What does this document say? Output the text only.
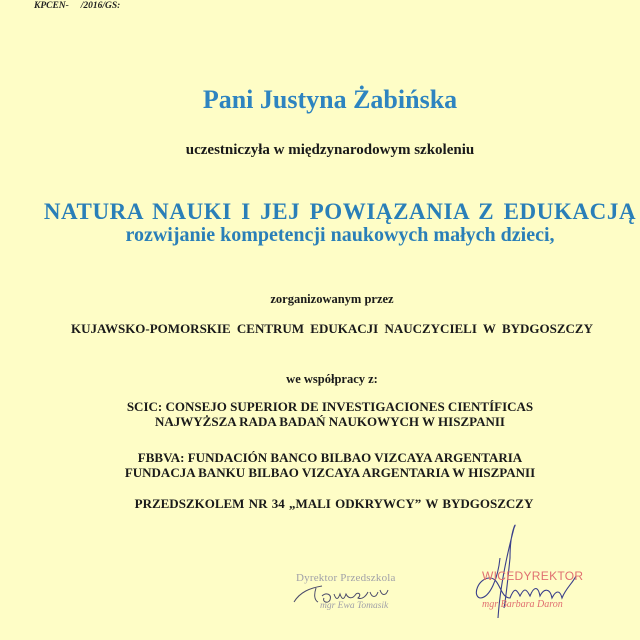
KPCEN-     /2016/GS:
Pani Justyna Żabińska
uczestniczyła w międzynarodowym szkoleniu
NATURA NAUKI I JEJ POWIĄZANIA Z EDUKACJĄ
rozwijanie kompetencji naukowych małych dzieci,
zorganizowanym przez
KUJAWSKO-POMORSKIE CENTRUM EDUKACJI NAUCZYCIELI W BYDGOSZCZY
we współpracy z:
SCIC: CONSEJO SUPERIOR DE INVESTIGACIONES CIENTÍFICAS
NAJWYŻSZA RADA BADAŃ NAUKOWYCH W HISZPANII
FBBVA: FUNDACIÓN BANCO BILBAO VIZCAYA ARGENTARIA
FUNDACJA BANKU BILBAO VIZCAYA ARGENTARIA W HISZPANII
PRZEDSZKOLEM NR 34 „MALI ODKRYWCY” W BYDGOSZCZY
Dyrektor Przedszkola
mgr Ewa Tomasik
WICEDYREKTOR
mgr Barbara Daron
